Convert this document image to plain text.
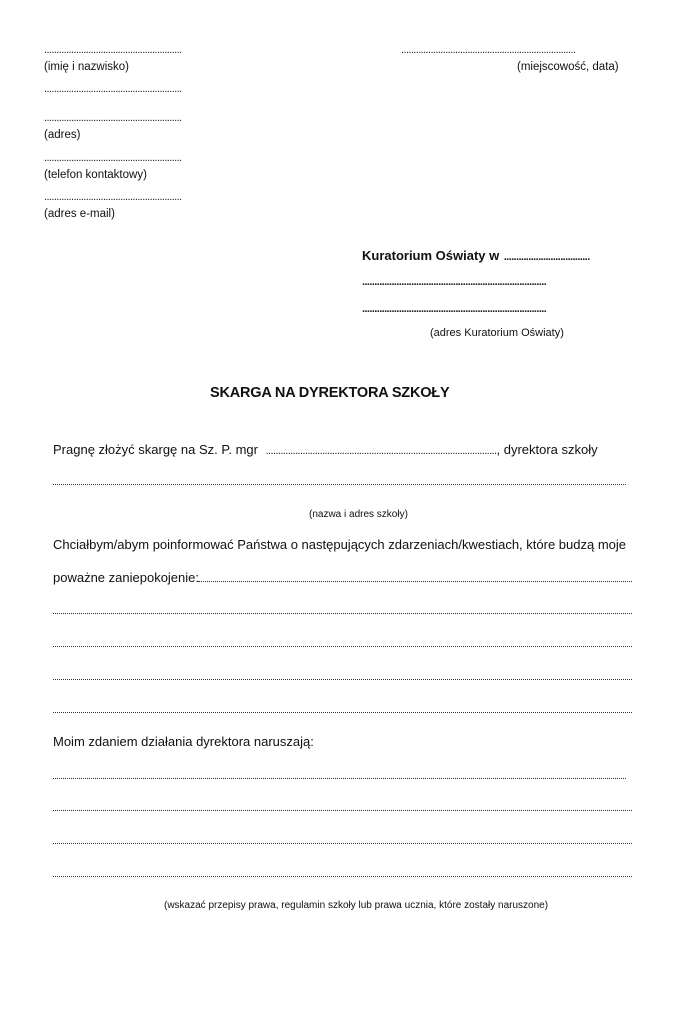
........................................................
(imię i nazwisko)
........................................................
........................................................
(adres)
........................................................
(telefon kontaktowy)
........................................................
(adres e-mail)
.......................................................................
(miejscowość, data)
Kuratorium Oświaty w ...................................
...........................................................................
...........................................................................
(adres Kuratorium Oświaty)
SKARGA NA DYREKTORA SZKOŁY
Pragnę złożyć skargę na Sz. P. mgr .............................................................................................., dyrektora szkoły
(nazwa i adres szkoły)
Chciałbym/abym poinformować Państwa o następujących zdarzeniach/kwestiach, które budzą moje
poważne zaniepokojenie:
Moim zdaniem działania dyrektora naruszają:
(wskazać przepisy prawa, regulamin szkoły lub prawa ucznia, które zostały naruszone)
